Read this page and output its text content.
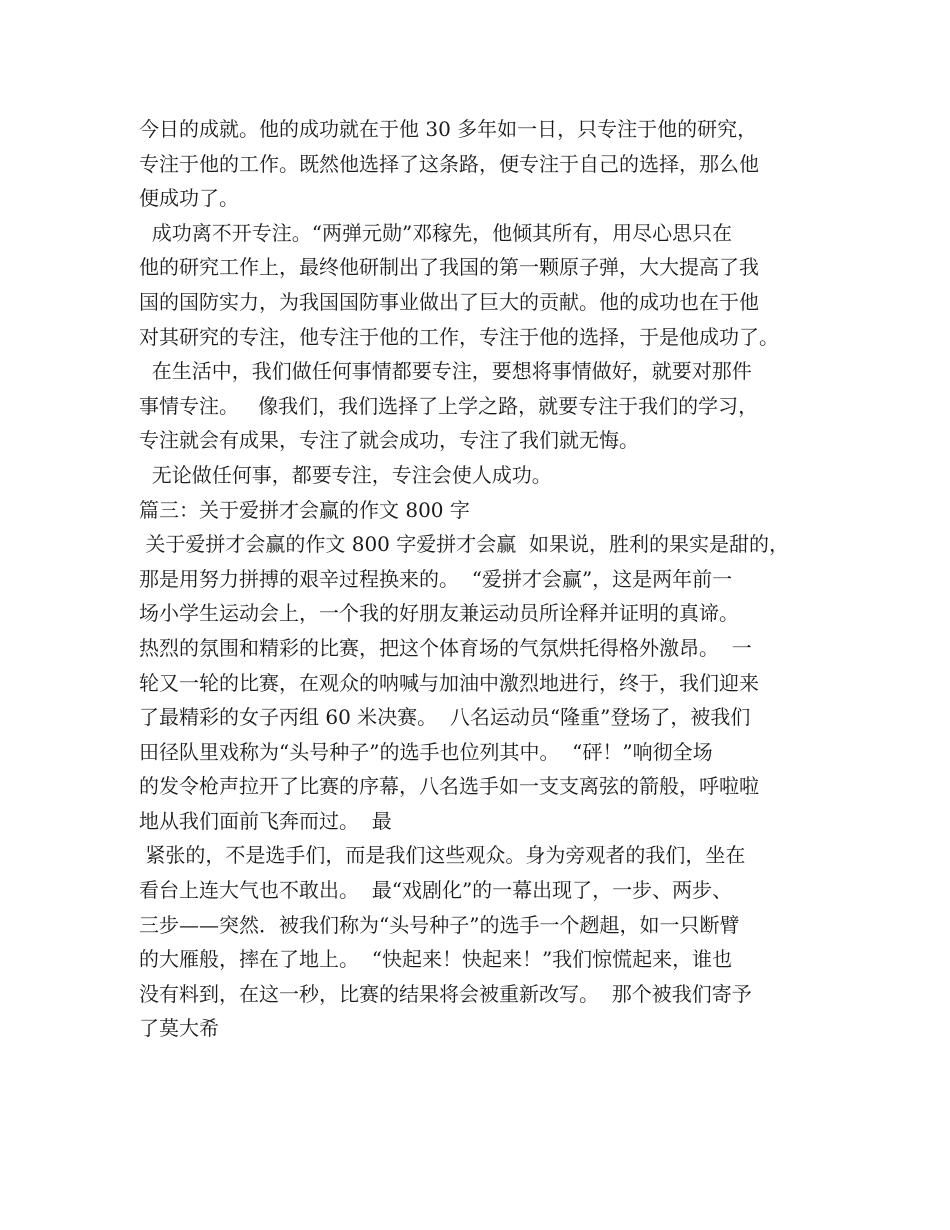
今日的成就。他的成功就在于他 30 多年如一日，只专注于他的研究，
专注于他的工作。既然他选择了这条路，便专注于自己的选择，那么他
便成功了。
成功离不开专注。“两弹元勋”邓稼先，他倾其所有，用尽心思只在
他的研究工作上，最终他研制出了我国的第一颗原子弹，大大提高了我
国的国防实力，为我国国防事业做出了巨大的贡献。他的成功也在于他
对其研究的专注，他专注于他的工作，专注于他的选择，于是他成功了。
在生活中，我们做任何事情都要专注，要想将事情做好，就要对那件
事情专注。   像我们，我们选择了上学之路，就要专注于我们的学习，
专注就会有成果，专注了就会成功，专注了我们就无悔。
无论做任何事，都要专注，专注会使人成功。
篇三：关于爱拼才会赢的作文 800 字
关于爱拼才会赢的作文 800 字爱拼才会赢  如果说，胜利的果实是甜的，
那是用努力拼搏的艰辛过程换来的。  “爱拼才会赢”，这是两年前一
场小学生运动会上，一个我的好朋友兼运动员所诠释并证明的真谛。
热烈的氛围和精彩的比赛，把这个体育场的气氛烘托得格外激昂。  一
轮又一轮的比赛，在观众的呐喊与加油中激烈地进行，终于，我们迎来
了最精彩的女子丙组 60 米决赛。  八名运动员“隆重”登场了，被我们
田径队里戏称为“头号种子”的选手也位列其中。  “砰！”响彻全场
的发令枪声拉开了比赛的序幕，八名选手如一支支离弦的箭般，呼啦啦
地从我们面前飞奔而过。  最
紧张的，不是选手们，而是我们这些观众。身为旁观者的我们，坐在
看台上连大气也不敢出。  最“戏剧化”的一幕出现了，一步、两步、
三步——突然．被我们称为“头号种子”的选手一个趔趄，如一只断臂
的大雁般，摔在了地上。  “快起来！快起来！”我们惊慌起来，谁也
没有料到，在这一秒，比赛的结果将会被重新改写。  那个被我们寄予
了莫大希
